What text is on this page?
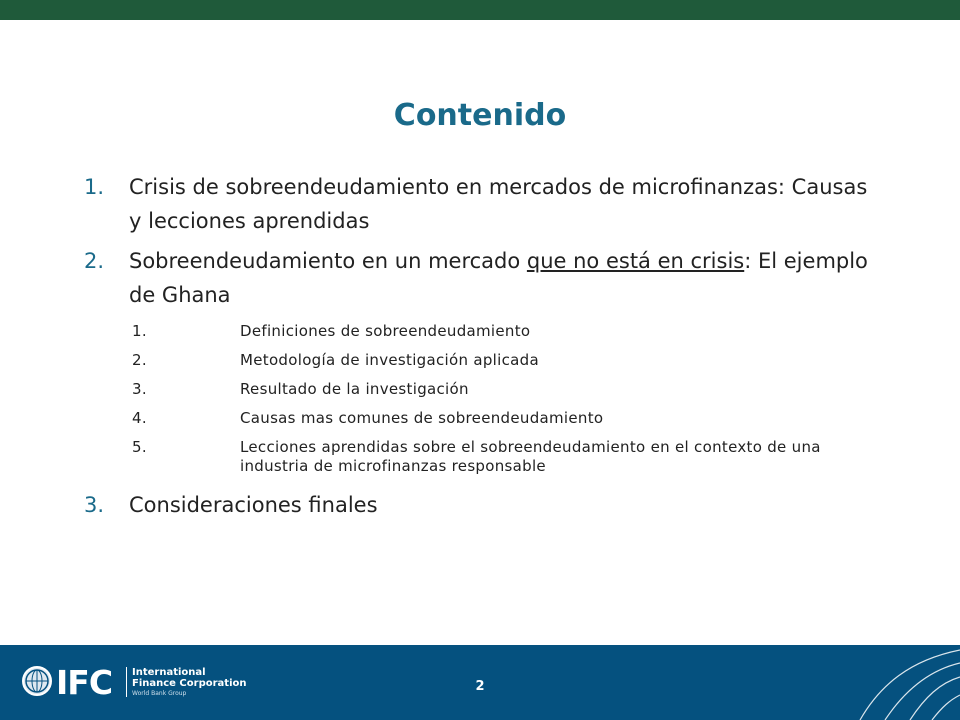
Contenido
1. Crisis de sobreendeudamiento en mercados de microfinanzas: Causas y lecciones aprendidas
2. Sobreendeudamiento en un mercado que no está en crisis: El ejemplo de Ghana
1.	Definiciones de sobreendeudamiento
2.	Metodología de investigación aplicada
3.	Resultado de la investigación
4.	Causas mas comunes de sobreendeudamiento
5.	Lecciones aprendidas sobre el sobreendeudamiento en el contexto de una industria de microfinanzas responsable
3. Consideraciones finales
IFC International
Finance Corporation
World Bank Group	2
